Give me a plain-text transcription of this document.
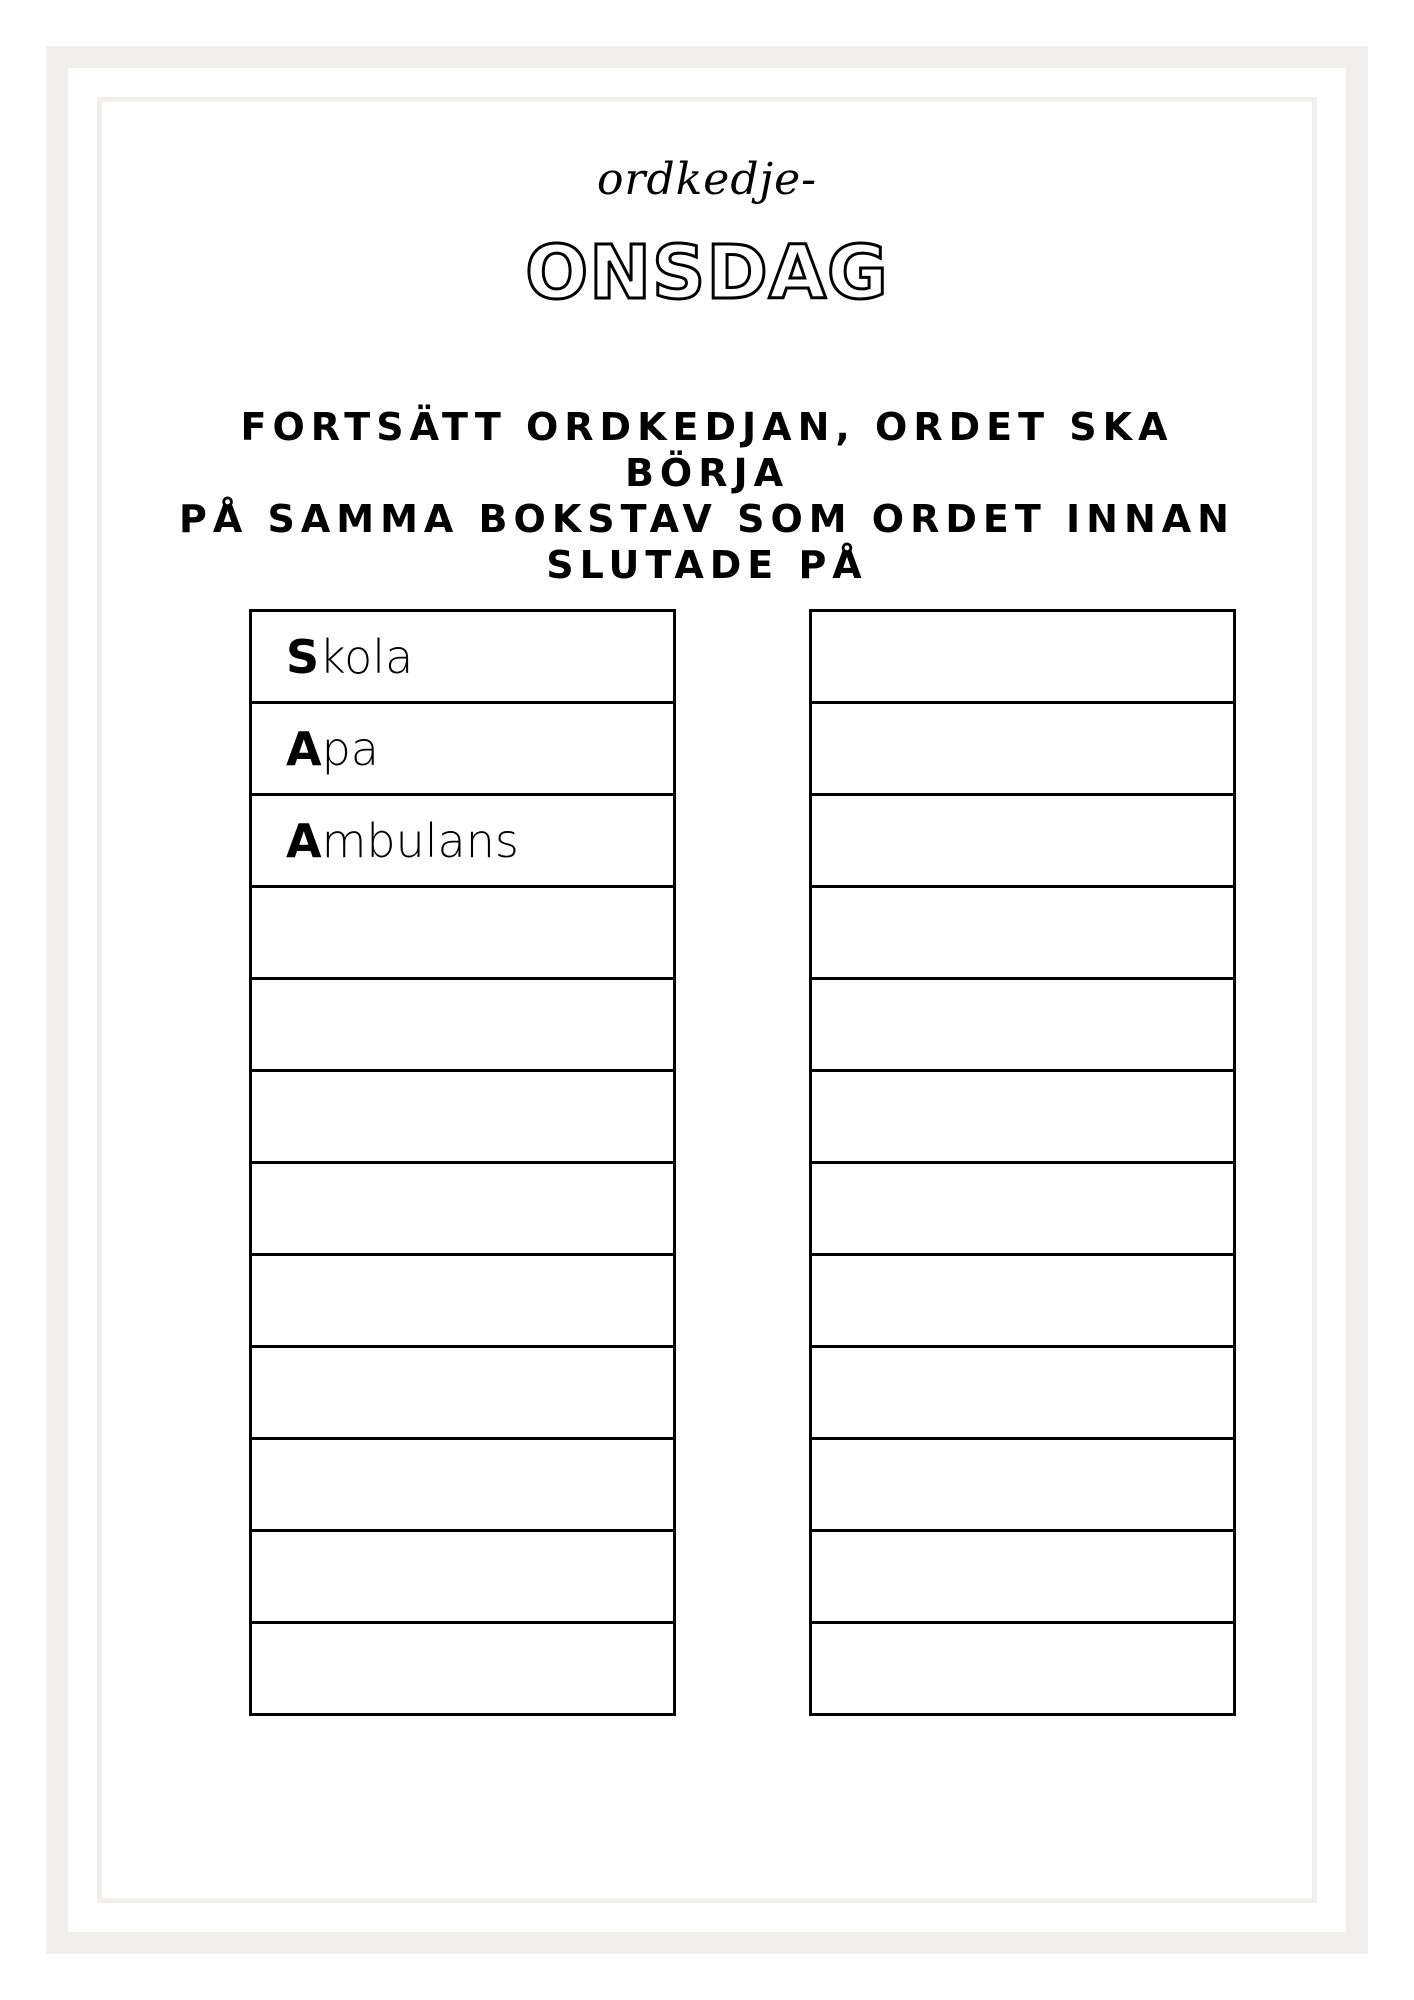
ordkedje-
ONSDAG
FORTSÄTT ORDKEDJAN, ORDET SKA BÖRJA
PÅ SAMMA BOKSTAV SOM ORDET INNAN
SLUTADE PÅ
S kola
A pa
A mbulans
